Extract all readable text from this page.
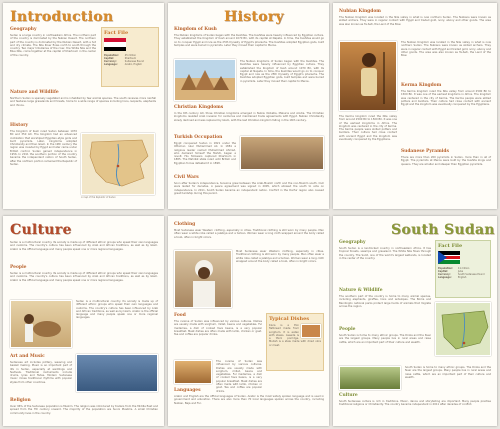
Introduction
Geography
Sudan is a large country in northeastern Africa. The northern part of the country is dominated by the Nubian Desert. The northern part of the country is dominated by the Nubian Desert, with a hot and dry climate. The Nile River flows north to south through the country. Two major tributaries of the river, the White Nile and the Blue Nile, come together at the capital of Khartoum in the center of the country.
Fact File
Population:	45 million
Capital:	Khartoum
Currency:	Sudanese Pound
Language:	Arabic, English
Nature and Wildlife
Northern Sudan is sparsely vegetated and is inhabited by few animal species. The south receives more rainfall and features large grasslands and forests, home to a wide range of species including lions, leopards, elephants and rhinos.
History
The Kingdom of Kush ruled Sudan between 1070 BC and 350 AD. The Kingdom had an advanced civilization that worshiped Egyptian-style gods and built pyramids. Later, kingdoms adopted Christianity and then Islam. In the 19th century the region was invaded by Egypt and later came under British control. Sudan gained independence in 1956. In 2011 the southern portion of the country became the independent nation of South Sudan, after the northern portion remained the Republic of Sudan.
A map of the Republic of Sudan
History
Kingdom of Kush
The Nubian kingdoms of Sudan began with the Kushites. The Kushites were heavily influenced by Egyptian culture. They established the Kingdom of Kush around 1070 BC, with its capital at Napata. In time, the Kushites would go on to conquer Egypt and rule as the 25th Dynasty of Egypt's pharaohs. The Kushites adopted Egyptian gods, built temples and were buried in pyramids. Later they moved their capital to Meroe.
The Nubian kingdoms of Sudan began with the Kushites. The Kushites were heavily influenced by Egyptian culture. They established the Kingdom of Kush around 1070 BC, with its capital at Napata. In time, the Kushites would go on to conquer Egypt and rule as the 25th Dynasty of Egypt's pharaohs. The Kushites adopted Egyptian gods, built temples and were buried in pyramids. Later they moved their capital to Meroe.
Christian Kingdoms
In the 6th century AD, three Christian kingdoms emerged in Nubia: Nobatia, Makuria and Alodia. The Christian kingdoms resisted Arab invasion for centuries and maintained trade agreements with Egypt. Nubian Christianity slowly declined and was replaced by Islam, with the last Christian kingdom falling in the 16th century.
Turkish Occupation
Egypt conquered Sudan in 1821 under the Ottoman ruler Muhammad Ali. In 1881 a religious leader named Muhammad Ahmad, who declared himself the Mahdi, began a revolt. His followers captured Khartoum in 1885. The Mahdist state ruled until British and Egyptian forces defeated it in 1898.
Civil Wars
Soon after Sudan's independence, tensions grew between the Arab-Muslim north and the non-Muslim south. Civil wars lasted for decades. A peace agreement was signed in 2005, which allowed the south to vote on independence. In 2011, South Sudan became an independent nation. Conflict in the Darfur region also caused great hardship during this period.
Nubian Kingdom
The Nubian Kingdom was located in the Nile valley in what is now northern Sudan. The Nubians were known as skilled archers. They were in regular contact with Egypt and traded gold, ivory, ebony and other goods. The area was also known as Ta-Seti, the Land of the Bow.
The Nubian Kingdom was located in the Nile valley in what is now northern Sudan. The Nubians were known as skilled archers. They were in regular contact with Egypt and traded gold, ivory, ebony and other goods. The area was also known as Ta-Seti, the Land of the Bow.
Kerma Kingdom
The Kerma kingdom ruled the Nile valley from around 2500 BC to 1500 BC. It was one of the earliest kingdoms in Africa. The kingdom was centered in the city of Kerma. The Kerma people were skilled potters and builders. Their culture had close contact with ancient Egypt and the kingdom was eventually conquered by the Egyptians.
The Kerma kingdom ruled the Nile valley from around 2500 BC to 1500 BC. It was one of the earliest kingdoms in Africa. The kingdom was centered in the city of Kerma. The Kerma people were skilled potters and builders. Their culture had close contact with ancient Egypt and the kingdom was eventually conquered by the Egyptians.
Sudanese Pyramids
There are more than 200 pyramids in Sudan, more than in all of Egypt. The pyramids at Meroe were built by the Kushite kings and queens. They are smaller and steeper than Egyptian pyramids.
Culture
Sudan is a multicultural country. Its society is made up of different ethnic groups who speak their own languages and customs. The country's culture has been influenced by Arab and African traditions, as well as by Islam. Arabic is the official language and many people speak one or more regional languages.
People
Sudan is a multicultural country. Its society is made up of different ethnic groups who speak their own languages and customs. The country's culture has been influenced by Arab and African traditions, as well as by Islam. Arabic is the official language and many people speak one or more regional languages.
Sudan is a multicultural country. Its society is made up of different ethnic groups who speak their own languages and customs. The country's culture has been influenced by Arab and African traditions, as well as by Islam. Arabic is the official language and many people speak one or more regional languages.
Art and Music
Sudanese art includes pottery, weaving and basket making. Music is an important part of life in Sudan, especially at weddings and festivals. Traditional instruments include drums, lyres and flutes. Modern Sudanese music mixes traditional rhythms with popular styles from other countries.
Religion
Over 96% of the Sudanese population is Muslim. The religion was introduced by traders from the Middle East and spread from the 7th century onward. The majority of the population are Sunni Muslims. A small Christian community lives in the country.
Clothing
Most Sudanese wear Western clothing, especially in cities. Traditional clothing is still worn by many people. Men often wear a white robe called a jalabiya and a turban. Women wear a long cloth wrapped around the body called a toub, often in bright colors.
Most Sudanese wear Western clothing, especially in cities. Traditional clothing is still worn by many people. Men often wear a white robe called a jalabiya and a turban. Women wear a long cloth wrapped around the body called a toub, often in bright colors.
Food
The cuisine of Sudan was influenced by various cultures. Dishes are usually made with sorghum, millet, beans and vegetables. Ful medames, a dish of cooked fava beans, is a very popular breakfast. Meat dishes are often made with lamb, chicken or goat. Tea and coffee are popular drinks.
Typical Dishes
Kisra is a thin flatbread made from sorghum. It is eaten with stews. Aseeda is a thick porridge. Mullah is a stew made with dried okra or meat.
The cuisine of Sudan was influenced by various cultures. Dishes are usually made with sorghum, millet, beans and vegetables. Ful medames, a dish of cooked fava beans, is a very popular breakfast. Meat dishes are often made with lamb, chicken or goat. Tea and coffee are popular drinks.
Languages
Arabic and English are the official languages of Sudan. Arabic is the most widely spoken language and is used in government and education. There are also more than 70 local languages spoken across the country, including Nubian, Beja and Fur.
South Sudan
Geography
South Sudan is a landlocked country in northeastern Africa. It has tropical forests, swamps and grassland. The White Nile flows through the country. The Sudd, one of the world's largest wetlands, is located in the center of the country.
Fact File
Population:	11 million
Capital:	Juba
Currency:	South Sudanese Pound
Language:	English
Nature & Wildlife
The southern part of the country is home to many animal species, including elephants, giraffes, lions and antelopes. The Boma and Bandingilo national parks protect large herds of animals that migrate across the region.
People
South Sudan is home to many ethnic groups. The Dinka and the Nuer are the largest groups. Many people live in rural areas and raise cattle, which are an important part of their culture and wealth.
South Sudan is home to many ethnic groups. The Dinka and the Nuer are the largest groups. Many people live in rural areas and raise cattle, which are an important part of their culture and wealth.
Culture
South Sudanese culture is rich in traditions. Music, dance and storytelling are important. Many people practise traditional religions or Christianity. The country became independent in 2011 after decades of conflict.
